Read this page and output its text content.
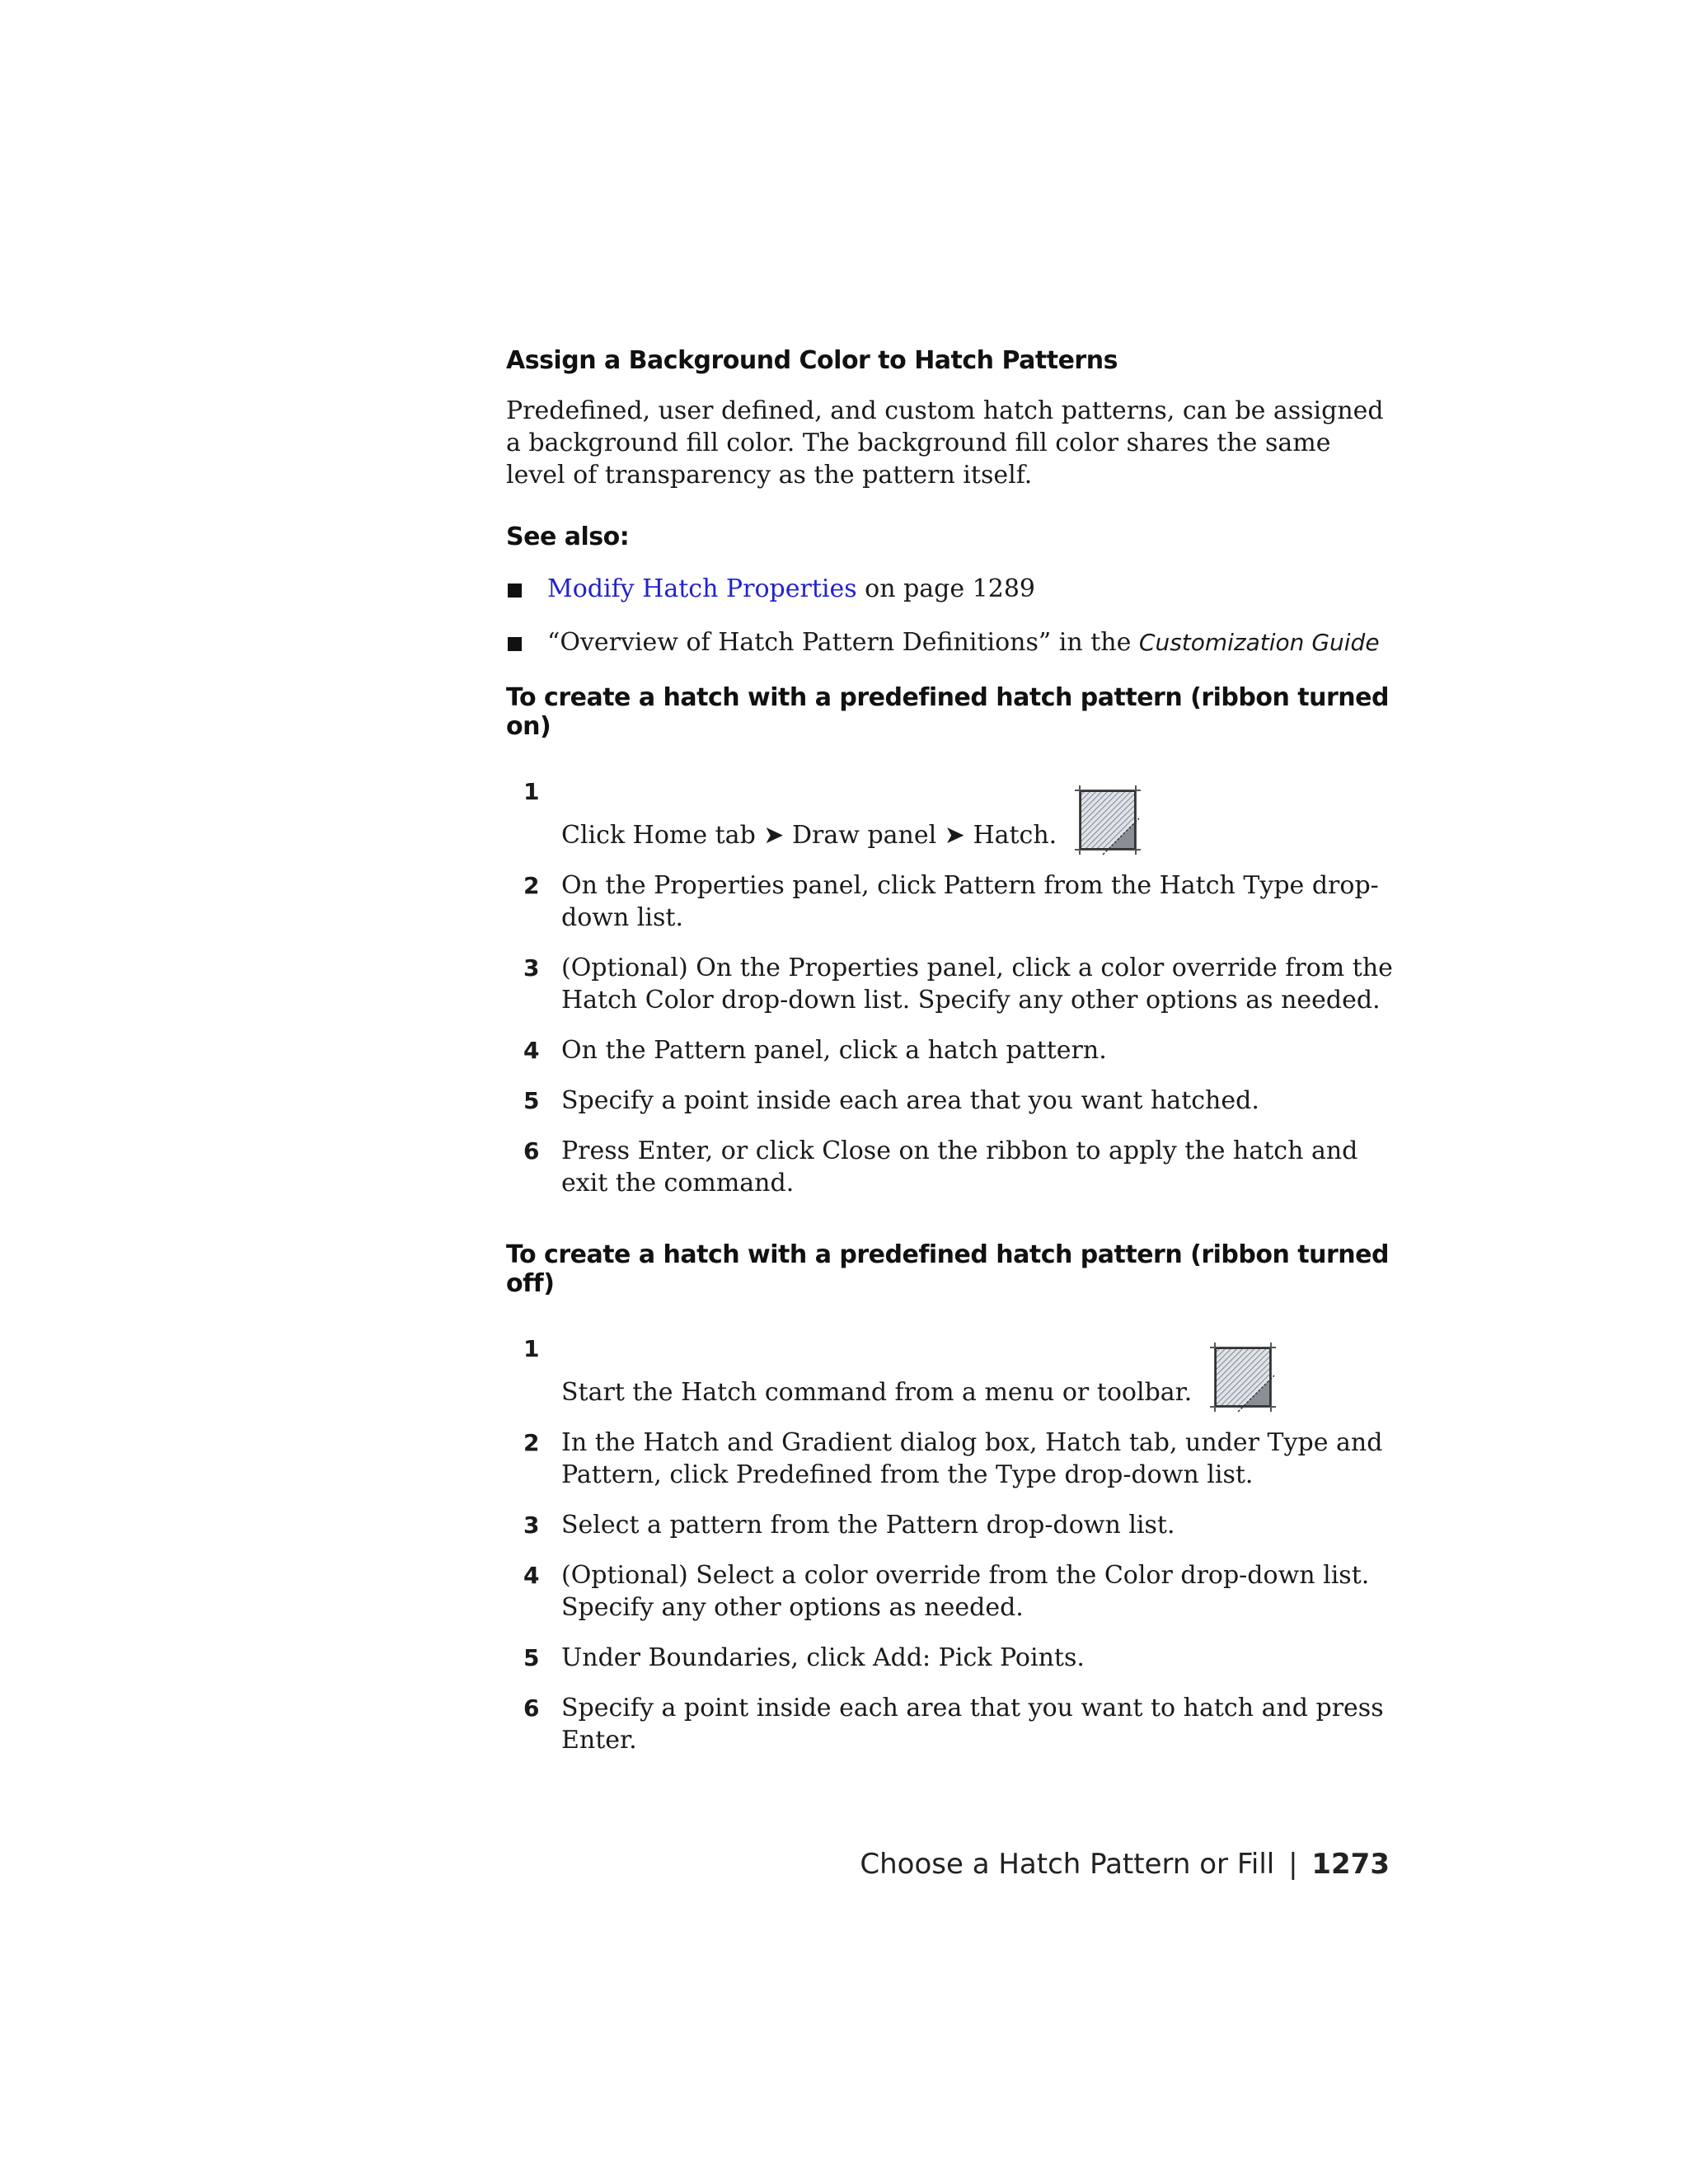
Assign a Background Color to Hatch Patterns

Predefined, user defined, and custom hatch patterns, can be assigned a background fill color. The background fill color shares the same level of transparency as the pattern itself.

See also:
Modify Hatch Properties on page 1289
“Overview of Hatch Pattern Definitions” in the Customization Guide
To create a hatch with a predefined hatch pattern (ribbon turned on)
1
Click Home tab ➤ Draw panel ➤ Hatch.
2 On the Properties panel, click Pattern from the Hatch Type drop-down list.
3 (Optional) On the Properties panel, click a color override from the Hatch Color drop-down list. Specify any other options as needed.
4 On the Pattern panel, click a hatch pattern.
5 Specify a point inside each area that you want hatched.
6 Press Enter, or click Close on the ribbon to apply the hatch and exit the command.
To create a hatch with a predefined hatch pattern (ribbon turned off)
1
Start the Hatch command from a menu or toolbar.
2 In the Hatch and Gradient dialog box, Hatch tab, under Type and Pattern, click Predefined from the Type drop-down list.
3 Select a pattern from the Pattern drop-down list.
4 (Optional) Select a color override from the Color drop-down list. Specify any other options as needed.
5 Under Boundaries, click Add: Pick Points.
6 Specify a point inside each area that you want to hatch and press Enter.
Choose a Hatch Pattern or Fill | 1273
